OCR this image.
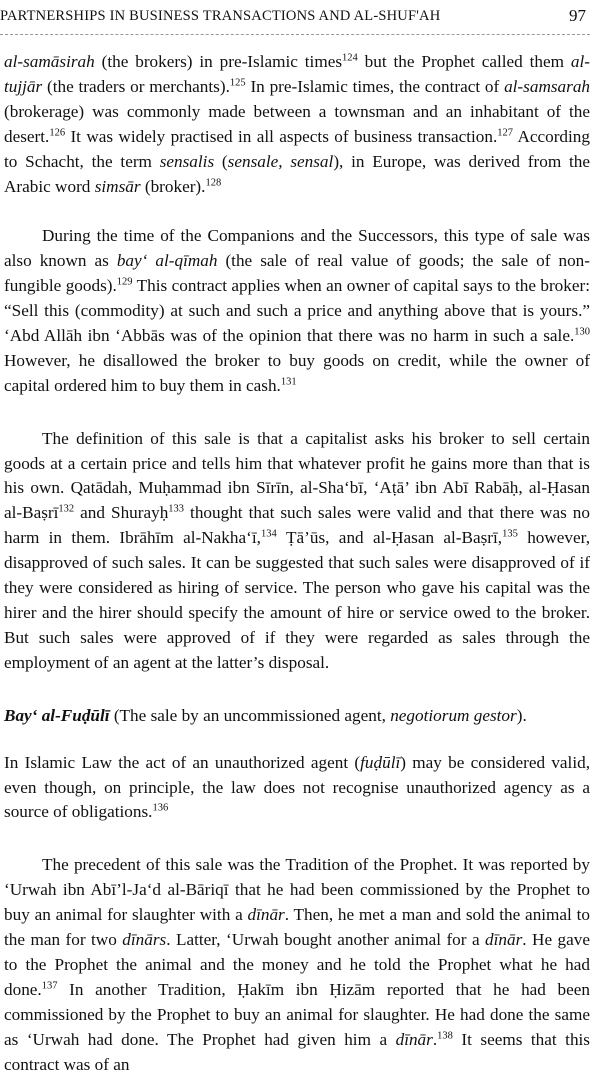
PARTNERSHIPS IN BUSINESS TRANSACTIONS AND AL-SHUF'AH	97

al-samāsirah (the brokers) in pre-Islamic times$^{124}$ but the Prophet called them al-tujjār (the traders or merchants).$^{125}$ In pre-Islamic times, the contract of al-samsarah (brokerage) was commonly made between a townsman and an inhabitant of the desert.$^{126}$ It was widely practised in all aspects of business transaction.$^{127}$ According to Schacht, the term sensalis (sensale, sensal), in Europe, was derived from the Arabic word simsār (broker).$^{128}$

During the time of the Companions and the Successors, this type of sale was also known as bay‘ al-qīmah (the sale of real value of goods; the sale of non-fungible goods).$^{129}$ This contract applies when an owner of capital says to the broker: “Sell this (commodity) at such and such a price and anything above that is yours.” ‘Abd Allāh ibn ‘Abbās was of the opinion that there was no harm in such a sale.$^{130}$ However, he disallowed the broker to buy goods on credit, while the owner of capital ordered him to buy them in cash.$^{131}$

The definition of this sale is that a capitalist asks his broker to sell certain goods at a certain price and tells him that whatever profit he gains more than that is his own. Qatādah, Muḥammad ibn Sīrīn, al-Sha‘bī, ‘Aṭā’ ibn Abī Rabāḥ, al-Ḥasan al-Baṣrī$^{132}$ and Shurayḥ$^{133}$ thought that such sales were valid and that there was no harm in them. Ibrāhīm al-Nakha‘ī,$^{134}$ Ṭā’ūs, and al-Ḥasan al-Baṣrī,$^{135}$ however, disapproved of such sales. It can be suggested that such sales were disapproved of if they were considered as hiring of service. The person who gave his capital was the hirer and the hirer should specify the amount of hire or service owed to the broker. But such sales were approved of if they were regarded as sales through the employment of an agent at the latter’s disposal.

Bay‘ al-Fuḍūlī (The sale by an uncommissioned agent, negotiorum gestor).

In Islamic Law the act of an unauthorized agent (fuḍūlī) may be considered valid, even though, on principle, the law does not recognise unauthorized agency as a source of obligations.$^{136}$

The precedent of this sale was the Tradition of the Prophet. It was reported by ‘Urwah ibn Abī’l-Ja‘d al-Bāriqī that he had been commissioned by the Prophet to buy an animal for slaughter with a dīnār. Then, he met a man and sold the animal to the man for two dīnārs. Latter, ‘Urwah bought another animal for a dīnār. He gave to the Prophet the animal and the money and he told the Prophet what he had done.$^{137}$ In another Tradition, Ḥakīm ibn Ḥizām reported that he had been commissioned by the Prophet to buy an animal for slaughter. He had done the same as ‘Urwah had done. The Prophet had given him a dīnār.$^{138}$ It seems that this contract was of an
